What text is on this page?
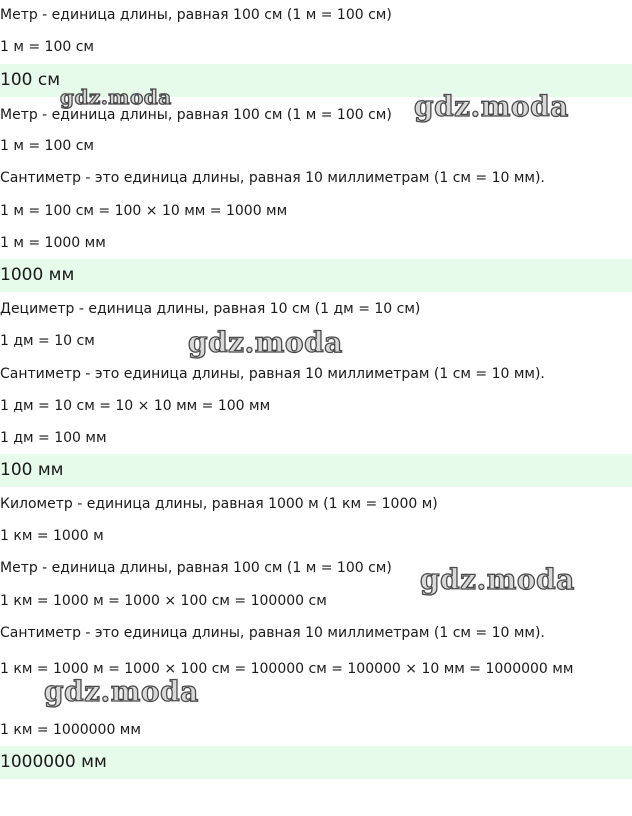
Метр - единица длины, равная 100 см (1 м = 100 см)
1 м = 100 см
100 см
Метр - единица длины, равная 100 см (1 м = 100 см)
1 м = 100 см
Сантиметр - это единица длины, равная 10 миллиметрам (1 см = 10 мм).
1 м = 100 см = 100 × 10 мм = 1000 мм
1 м = 1000 мм
1000 мм
Дециметр - единица длины, равная 10 см (1 дм = 10 см)
1 дм = 10 см
Сантиметр - это единица длины, равная 10 миллиметрам (1 см = 10 мм).
1 дм = 10 см = 10 × 10 мм = 100 мм
1 дм = 100 мм
100 мм
Километр - единица длины, равная 1000 м (1 км = 1000 м)
1 км = 1000 м
Метр - единица длины, равная 100 см (1 м = 100 см)
1 км = 1000 м = 1000 × 100 см = 100000 см
Сантиметр - это единица длины, равная 10 миллиметрам (1 см = 10 мм).
1 км = 1000 м = 1000 × 100 см = 100000 см = 100000 × 10 мм = 1000000 мм
1 км = 1000000 мм
1000000 мм
gdz.moda	gdz.moda
gdz.moda
gdz.moda
gdz.moda
